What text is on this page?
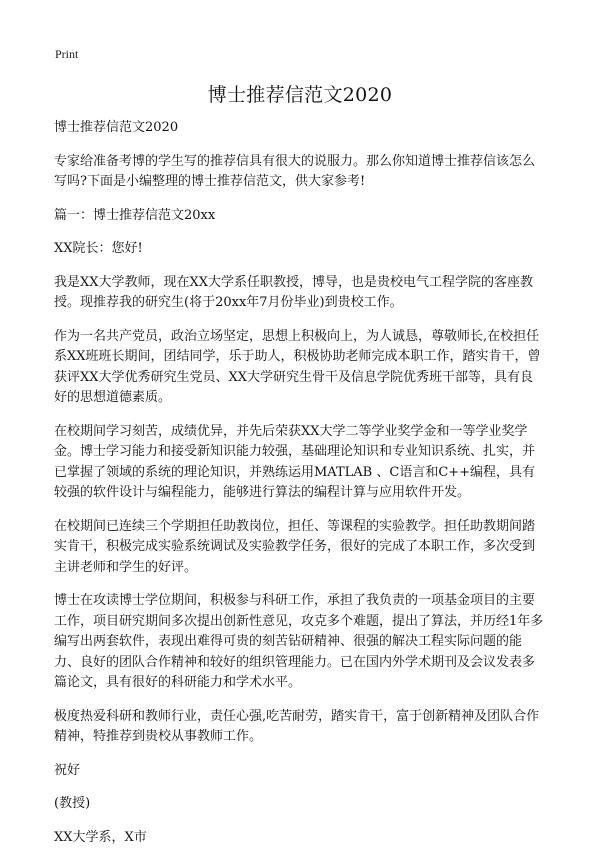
Print
博士推荐信范文2020

博士推荐信范文2020

专家给准备考博的学生写的推荐信具有很大的说服力。那么你知道博士推荐信该怎么写吗?下面是小编整理的博士推荐信范文，供大家参考!

篇一：博士推荐信范文20xx

XX院长：您好!

我是XX大学教师，现在XX大学系任职教授，博导，也是贵校电气工程学院的客座教授。现推荐我的研究生(将于20xx年7月份毕业)到贵校工作。

作为一名共产党员，政治立场坚定，思想上积极向上，为人诚恳，尊敬师长,在校担任系XX班班长期间，团结同学，乐于助人，积极协助老师完成本职工作，踏实肯干，曾获评XX大学优秀研究生党员、XX大学研究生骨干及信息学院优秀班干部等，具有良好的思想道德素质。

在校期间学习刻苦，成绩优异，并先后荣获XX大学二等学业奖学金和一等学业奖学金。博士学习能力和接受新知识能力较强，基础理论知识和专业知识系统、扎实，并已掌握了领域的系统的理论知识，并熟练运用MATLAB 、C语言和C++编程，具有较强的软件设计与编程能力，能够进行算法的编程计算与应用软件开发。

在校期间已连续三个学期担任助教岗位，担任、等课程的实验教学。担任助教期间踏实肯干，积极完成实验系统调试及实验教学任务，很好的完成了本职工作，多次受到主讲老师和学生的好评。

博士在攻读博士学位期间，积极参与科研工作，承担了我负责的一项基金项目的主要工作，项目研究期间多次提出创新性意见，攻克多个难题，提出了算法，并历经1年多编写出两套软件，表现出难得可贵的刻苦钻研精神、很强的解决工程实际问题的能力、良好的团队合作精神和较好的组织管理能力。已在国内外学术期刊及会议发表多篇论文，具有很好的科研能力和学术水平。

极度热爱科研和教师行业，责任心强,吃苦耐劳，踏实肯干，富于创新精神及团队合作精神，特推荐到贵校从事教师工作。

祝好

(教授)

XX大学系，X市
